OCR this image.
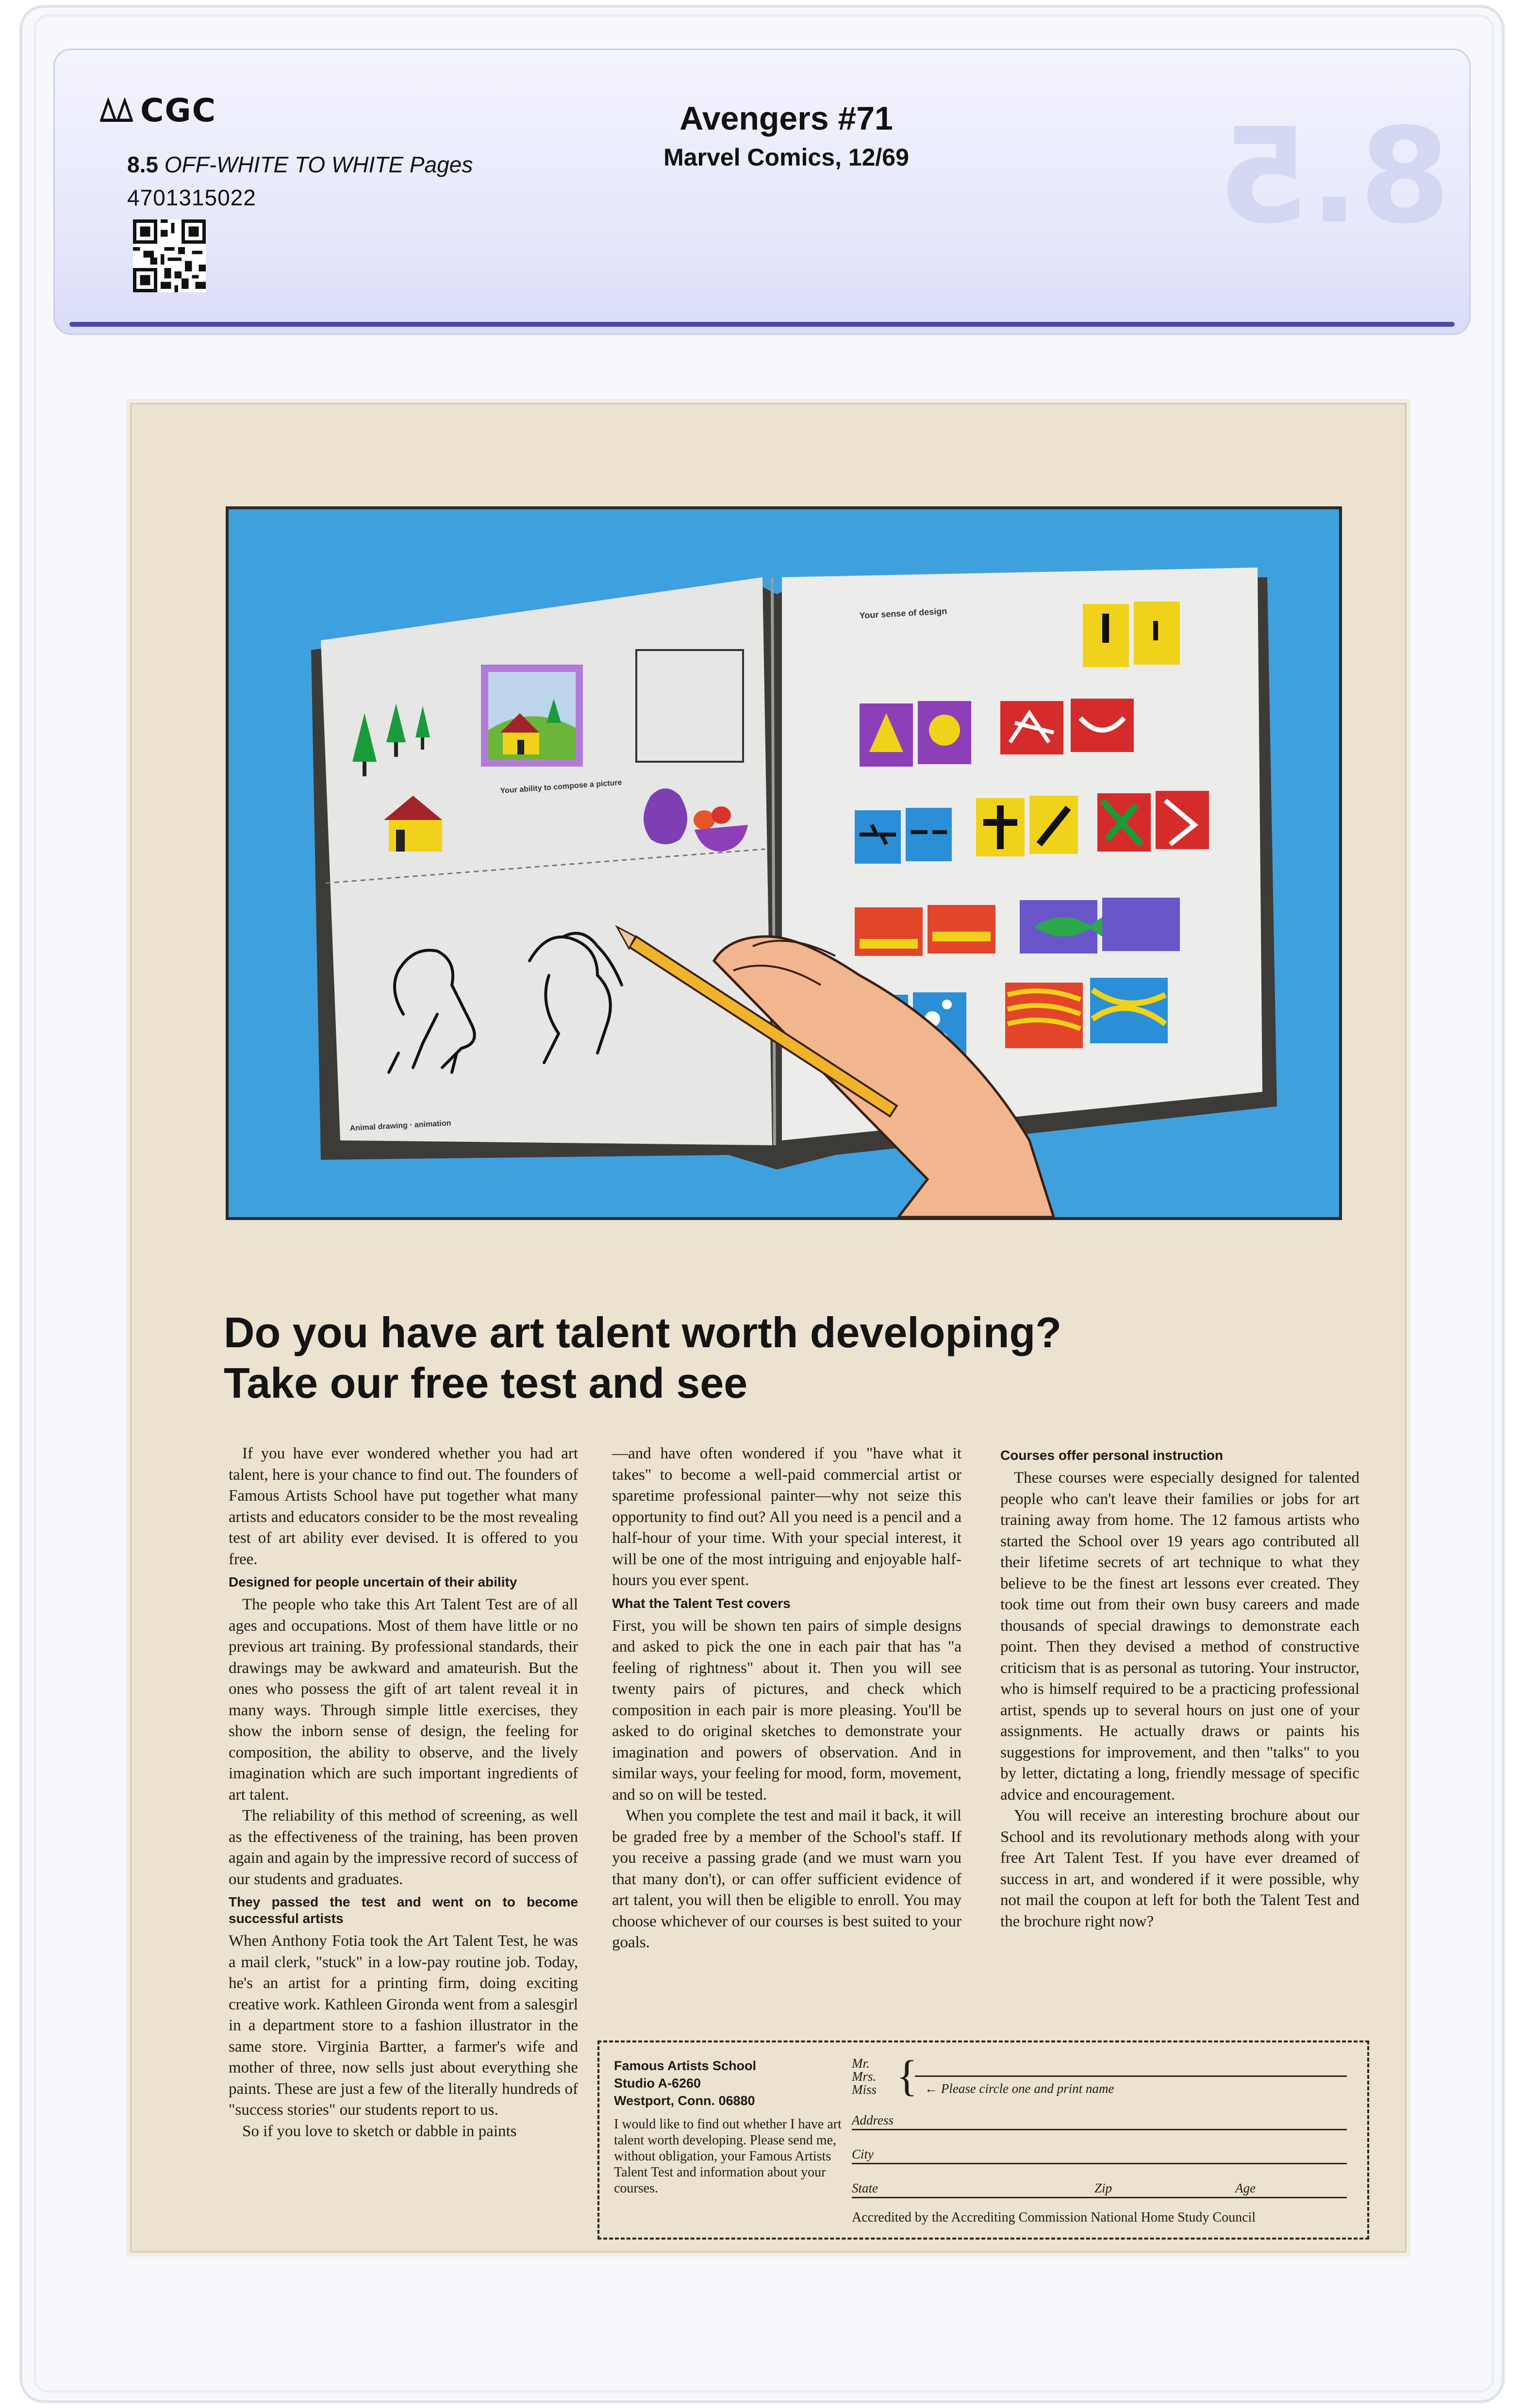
CGC
8.5 OFF-WHITE TO WHITE Pages
4701315022
Avengers #71
Marvel Comics, 12/69	8.5
Your ability to compose a picture
Animal drawing · animation
Your sense of design
Do you have art talent worth developing?
Take our free test and see

If you have ever wondered whether you had art talent, here is your chance to find out. The founders of Famous Artists School have put together what many artists and educators consider to be the most revealing test of art ability ever devised. It is offered to you free.

Designed for people uncertain of their ability

The people who take this Art Talent Test are of all ages and occupations. Most of them have little or no previous art training. By professional standards, their drawings may be awkward and amateurish. But the ones who possess the gift of art talent reveal it in many ways. Through simple little exercises, they show the inborn sense of design, the feeling for composition, the ability to observe, and the lively imagination which are such important ingredients of art talent.

The reliability of this method of screening, as well as the effectiveness of the training, has been proven again and again by the impressive record of success of our students and graduates.

They passed the test and went on to become successful artists

When Anthony Fotia took the Art Talent Test, he was a mail clerk, "stuck" in a low-pay routine job. Today, he's an artist for a printing firm, doing exciting creative work. Kathleen Gironda went from a salesgirl in a department store to a fashion illustrator in the same store. Virginia Bartter, a farmer's wife and mother of three, now sells just about everything she paints. These are just a few of the literally hundreds of "success stories" our students report to us.

So if you love to sketch or dabble in paints

—and have often wondered if you "have what it takes" to become a well-paid commercial artist or sparetime professional painter—why not seize this opportunity to find out? All you need is a pencil and a half-hour of your time. With your special interest, it will be one of the most intriguing and enjoyable half-hours you ever spent.

What the Talent Test covers

First, you will be shown ten pairs of simple designs and asked to pick the one in each pair that has "a feeling of rightness" about it. Then you will see twenty pairs of pictures, and check which composition in each pair is more pleasing. You'll be asked to do original sketches to demonstrate your imagination and powers of observation. And in similar ways, your feeling for mood, form, movement, and so on will be tested.

When you complete the test and mail it back, it will be graded free by a member of the School's staff. If you receive a passing grade (and we must warn you that many don't), or can offer sufficient evidence of art talent, you will then be eligible to enroll. You may choose whichever of our courses is best suited to your goals.

Courses offer personal instruction

These courses were especially designed for talented people who can't leave their families or jobs for art training away from home. The 12 famous artists who started the School over 19 years ago contributed all their lifetime secrets of art technique to what they believe to be the finest art lessons ever created. They took time out from their own busy careers and made thousands of special drawings to demonstrate each point. Then they devised a method of constructive criticism that is as personal as tutoring. Your instructor, who is himself required to be a practicing professional artist, spends up to several hours on just one of your assignments. He actually draws or paints his suggestions for improvement, and then "talks" to you by letter, dictating a long, friendly message of specific advice and encouragement.

You will receive an interesting brochure about our School and its revolutionary methods along with your free Art Talent Test. If you have ever dreamed of success in art, and wondered if it were possible, why not mail the coupon at left for both the Talent Test and the brochure right now?

Famous Artists School
Studio A-6260
Westport, Conn. 06880
I would like to find out whether I have art talent worth developing. Please send me, without obligation, your Famous Artists Talent Test and information about your courses.
Mr.
Mrs.
Miss { ← Please circle one and print name
Address
City
State	Zip	Age
Accredited by the Accrediting Commission National Home Study Council
